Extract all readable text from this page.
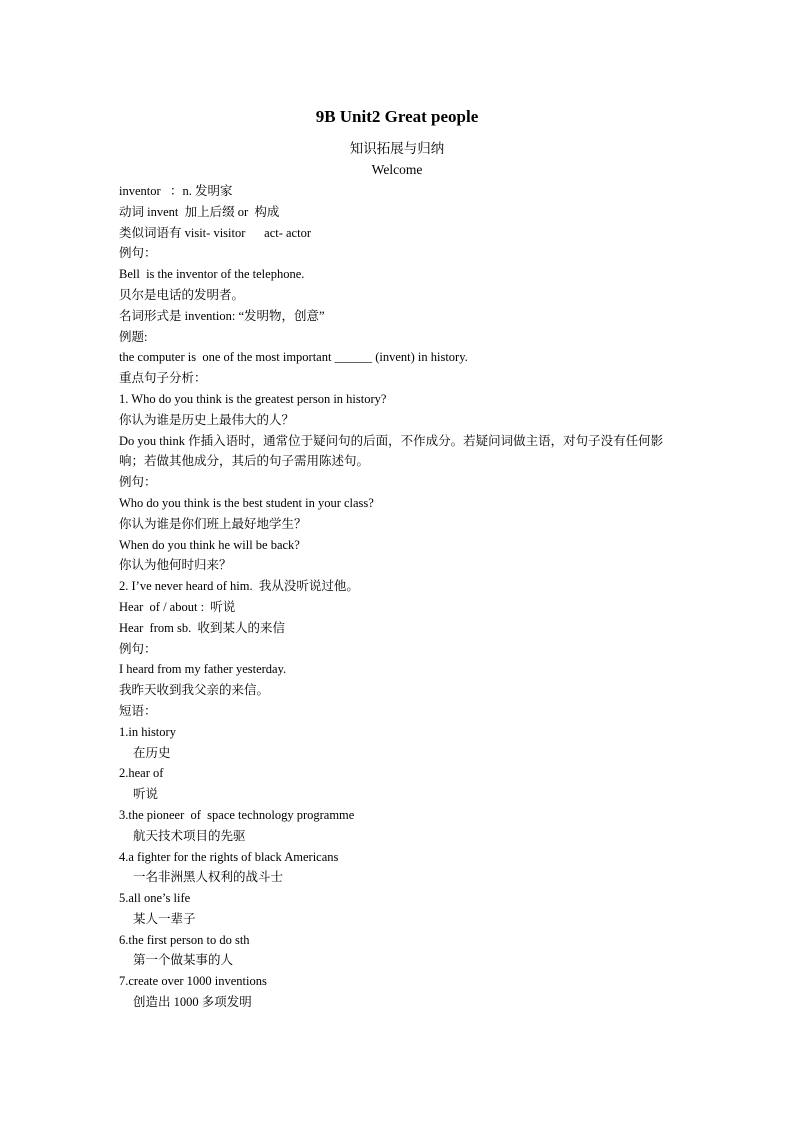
9B Unit2 Great people
知识拓展与归纳
Welcome
inventor   ：n. 发明家
动词 invent  加上后缀 or  构成
类似词语有 visit- visitor      act- actor
例句：
Bell  is the inventor of the telephone.
贝尔是电话的发明者。
名词形式是 invention: “发明物，创意”
例题:
the computer is  one of the most important ______ (invent) in history.
重点句子分析：
1. Who do you think is the greatest person in history?
你认为谁是历史上最伟大的人？
Do you think 作插入语时，通常位于疑问句的后面，不作成分。若疑问词做主语，对句子没有任何影响；若做其他成分，其后的句子需用陈述句。
例句：
Who do you think is the best student in your class?
你认为谁是你们班上最好地学生？
When do you think he will be back?
你认为他何时归来？
2. I’ve never heard of him.  我从没听说过他。
Hear  of / about :  听说
Hear  from sb.  收到某人的来信
例句：
I heard from my father yesterday.
我昨天收到我父亲的来信。
短语：
1.in history
在历史
2.hear of
听说
3.the pioneer  of  space technology programme
航天技术项目的先驱
4.a fighter for the rights of black Americans
一名非洲黑人权利的战斗士
5.all one’s life
某人一辈子
6.the first person to do sth
第一个做某事的人
7.create over 1000 inventions
创造出 1000 多项发明
